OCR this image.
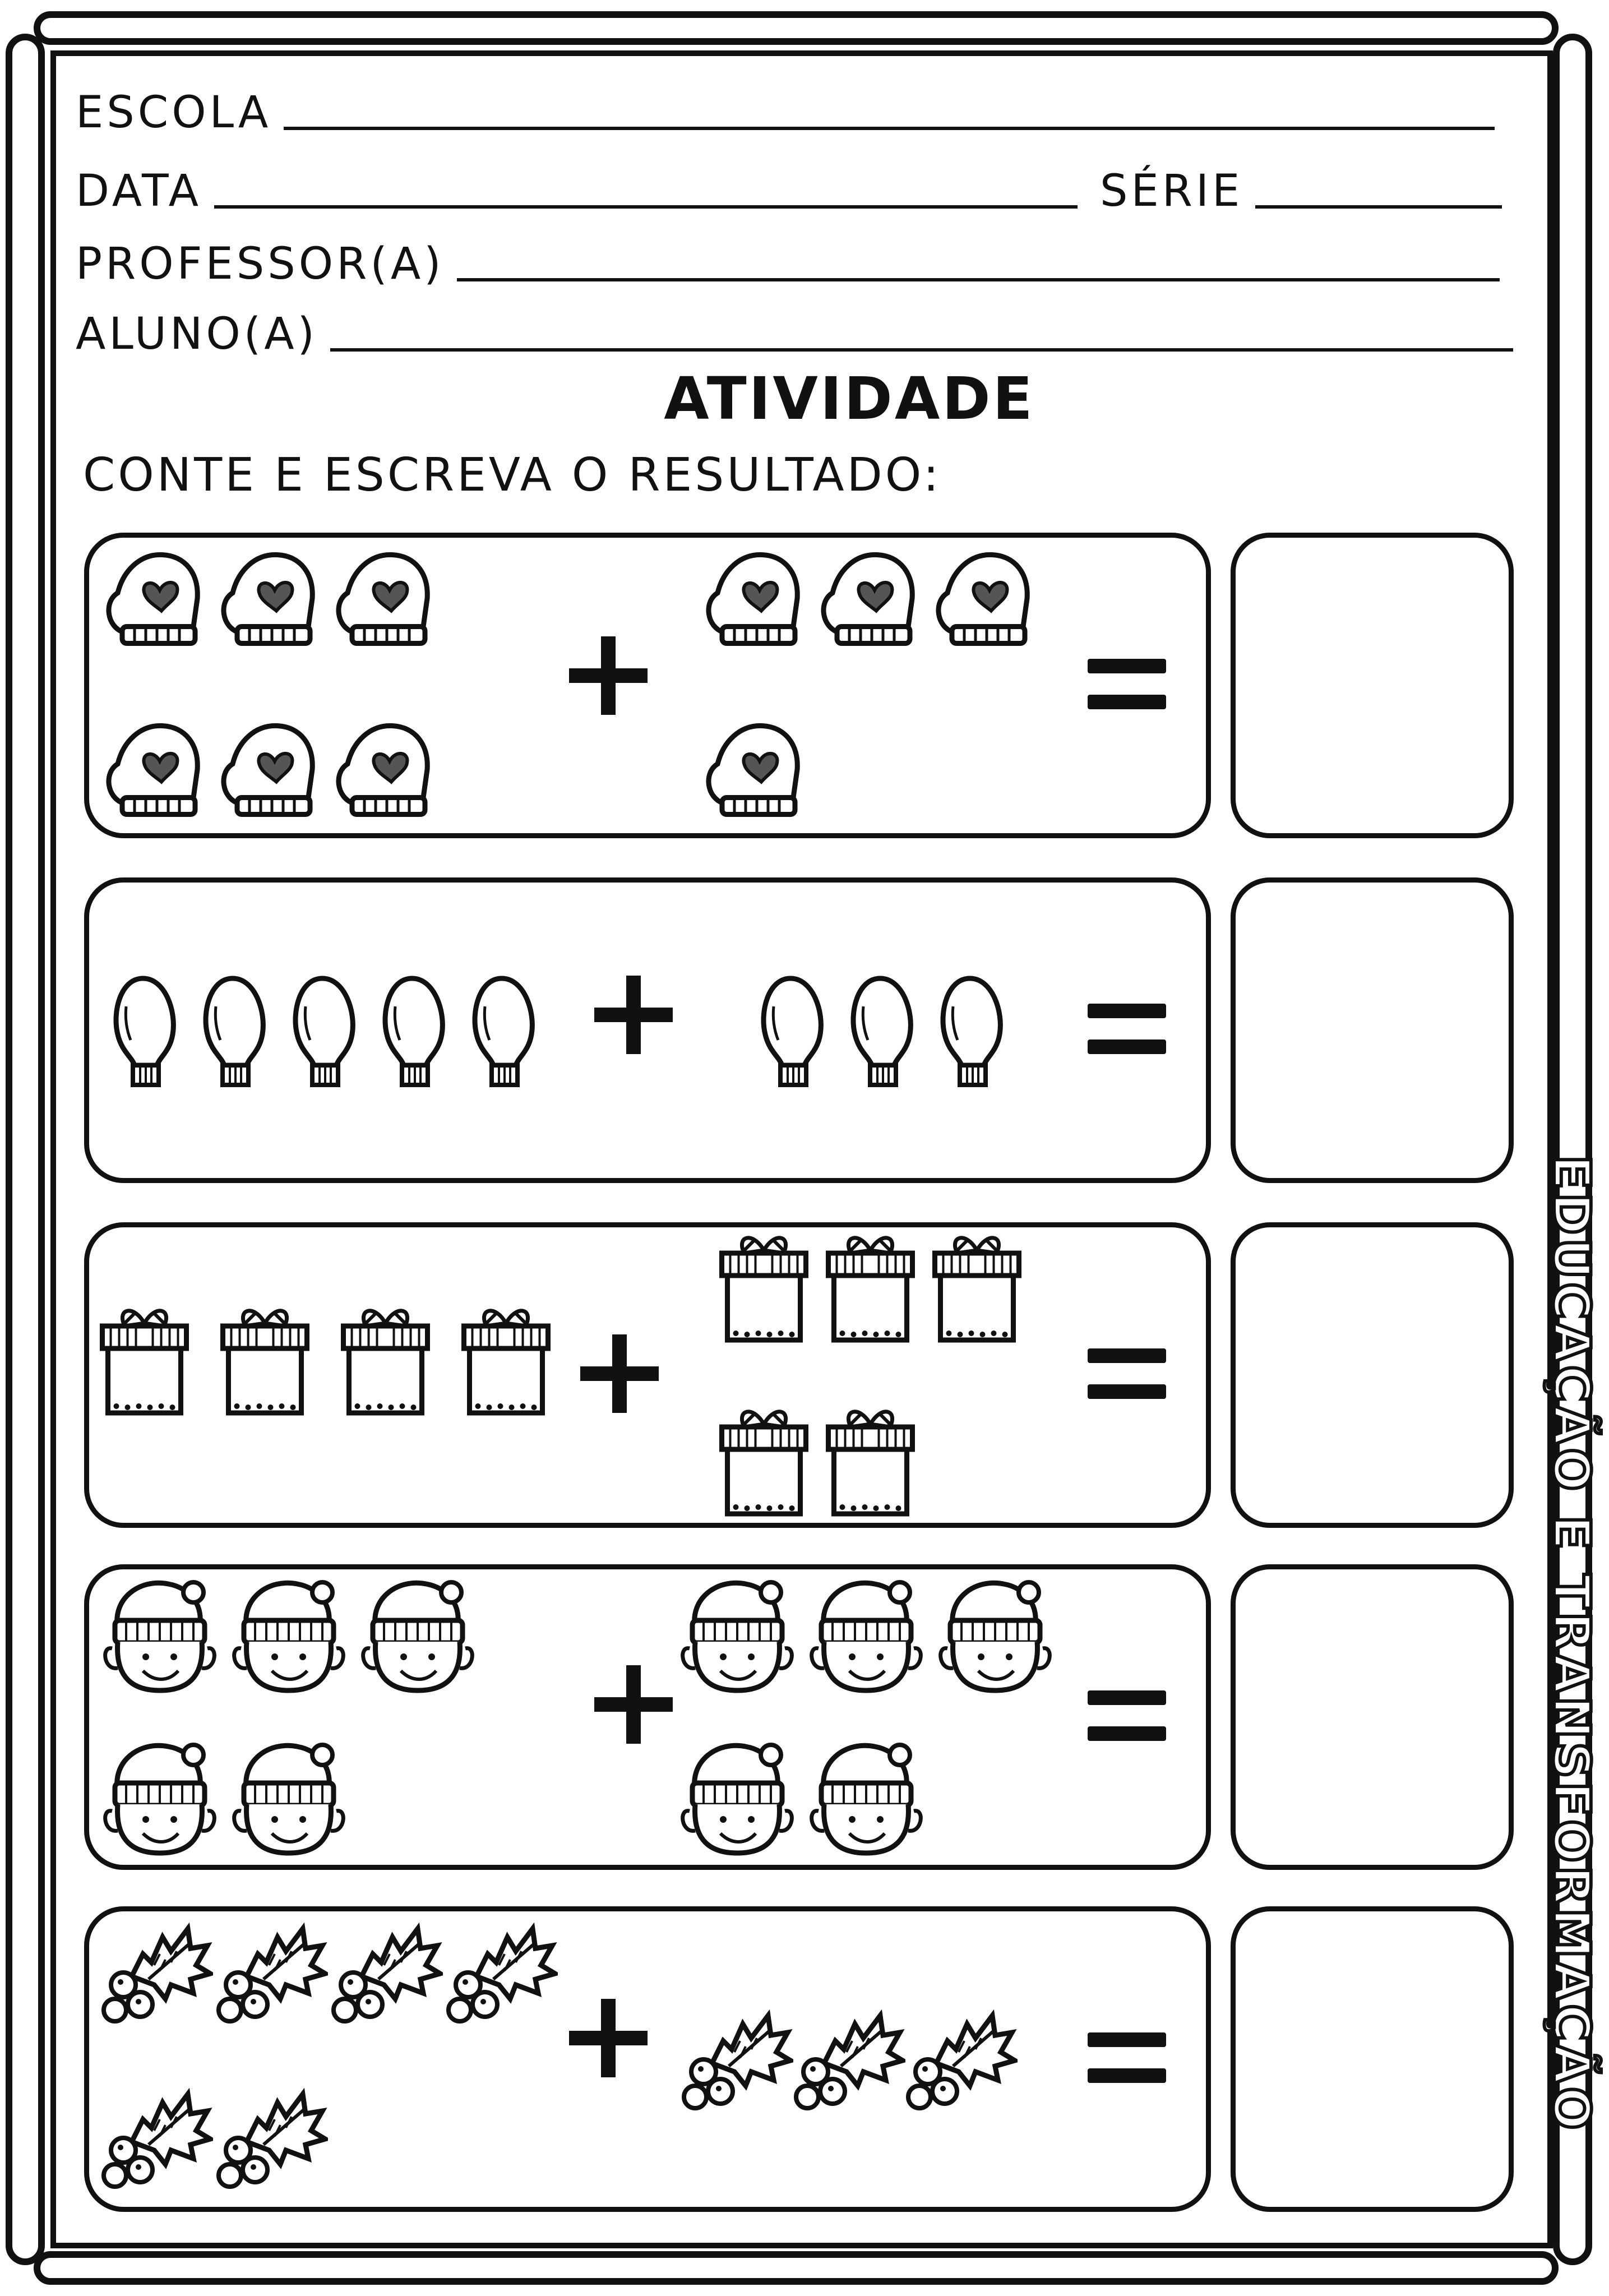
ESCOLA
DATA	SÉRIE
PROFESSOR(A)
ALUNO(A)
ATIVIDADE
CONTE E ESCREVA O RESULTADO:
EDUCAÇÃO E TRANSFORMAÇÃO
